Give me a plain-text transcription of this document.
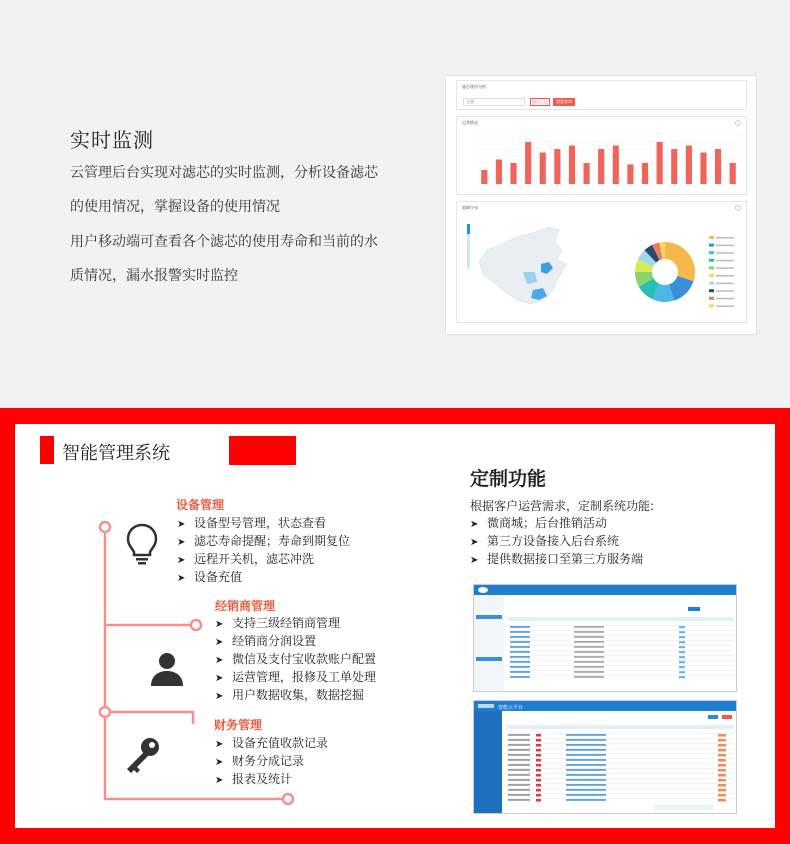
实时监测
云管理后台实现对滤芯的实时监测，分析设备滤芯的使用情况，掌握设备的使用情况
用户移动端可查看各个滤芯的使用寿命和当前的水质情况，漏水报警实时监控
滤芯使用分析
全部	统计汇总	重置查询
运营情况
地域分布
智能管理系统
设备管理
➤ 设备型号管理，状态查看
➤ 滤芯寿命提醒；寿命到期复位
➤ 远程开关机，滤芯冲洗
➤ 设备充值
经销商管理
➤ 支持三级经销商管理
➤ 经销商分润设置
➤ 微信及支付宝收款账户配置
➤ 运营管理，报修及工单处理
➤ 用户数据收集，数据挖掘
财务管理
➤ 设备充值收款记录
➤ 财务分成记录
➤ 报表及统计
定制功能
根据客户运营需求，定制系统功能:
➤ 微商城；后台推销活动
➤ 第三方设备接入后台系统
➤ 提供数据接口至第三方服务端
智能云平台
